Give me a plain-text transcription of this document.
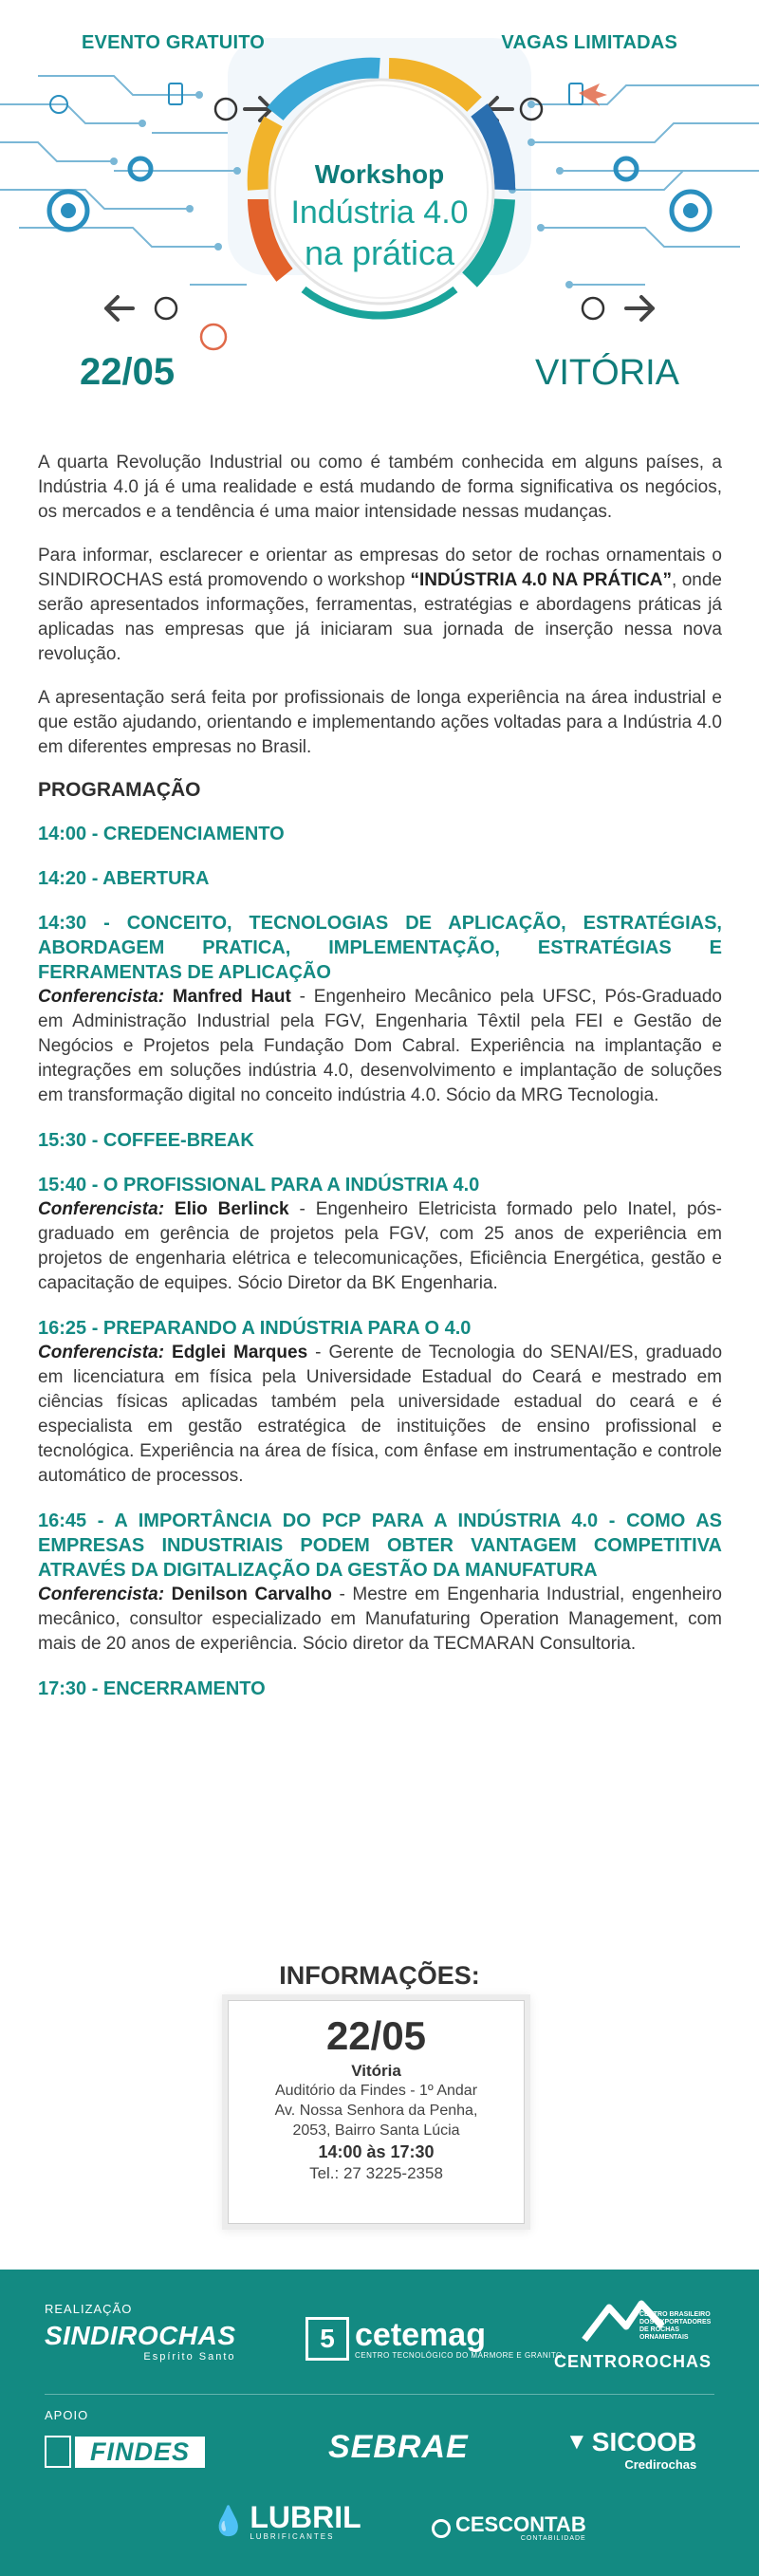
EVENTO GRATUITO	VAGAS LIMITADAS
Workshop
Indústria 4.0
na prática
22/05	VITÓRIA

A quarta Revolução Industrial ou como é também conhecida em alguns países, a Indústria 4.0 já é uma realidade e está mudando de forma significativa os negócios, os mercados e a tendência é uma maior intensidade nessas mudanças.

Para informar, esclarecer e orientar as empresas do setor de rochas ornamentais o SINDIROCHAS está promovendo o workshop “INDÚSTRIA 4.0 NA PRÁTICA”, onde serão apresentados informações, ferramentas, estratégias e abordagens práticas já aplicadas nas empresas que já iniciaram sua jornada de inserção nessa nova revolução.

A apresentação será feita por profissionais de longa experiência na área industrial e que estão ajudando, orientando e implementando ações voltadas para a Indústria 4.0 em diferentes empresas no Brasil.

PROGRAMAÇÃO

14:00 - CREDENCIAMENTO

14:20 - ABERTURA

14:30 - CONCEITO, TECNOLOGIAS DE APLICAÇÃO, ESTRATÉGIAS, ABORDAGEM PRATICA, IMPLEMENTAÇÃO, ESTRATÉGIAS E FERRAMENTAS DE APLICAÇÃO

Conferencista: Manfred Haut - Engenheiro Mecânico pela UFSC, Pós-Graduado em Administração Industrial pela FGV, Engenharia Têxtil pela FEI e Gestão de Negócios e Projetos pela Fundação Dom Cabral. Experiência na implantação e integrações em soluções indústria 4.0, desenvolvimento e implantação de soluções em transformação digital no conceito indústria 4.0. Sócio da MRG Tecnologia.

15:30 - COFFEE-BREAK

15:40 - O PROFISSIONAL PARA A INDÚSTRIA 4.0

Conferencista: Elio Berlinck - Engenheiro Eletricista formado pelo Inatel, pós-graduado em gerência de projetos pela FGV, com 25 anos de experiência em projetos de engenharia elétrica e telecomunicações, Eficiência Energética, gestão e capacitação de equipes. Sócio Diretor da BK Engenharia.

16:25 - PREPARANDO A INDÚSTRIA PARA O 4.0

Conferencista: Edglei Marques - Gerente de Tecnologia do SENAI/ES, graduado em licenciatura em física pela Universidade Estadual do Ceará e mestrado em ciências físicas aplicadas também pela universidade estadual do ceará e é especialista em gestão estratégica de instituições de ensino profissional e tecnológica. Experiência na área de física, com ênfase em instrumentação e controle automático de processos.

16:45 - A IMPORTÂNCIA DO PCP PARA A INDÚSTRIA 4.0 - COMO AS EMPRESAS INDUSTRIAIS PODEM OBTER VANTAGEM COMPETITIVA ATRAVÉS DA DIGITALIZAÇÃO DA GESTÃO DA MANUFATURA

Conferencista: Denilson Carvalho - Mestre em Engenharia Industrial, engenheiro mecânico, consultor especializado em Manufaturing Operation Management, com mais de 20 anos de experiência. Sócio diretor da TECMARAN Consultoria.

17:30 - ENCERRAMENTO

INFORMAÇÕES:
22/05
Vitória
Auditório da Findes - 1º Andar
Av. Nossa Senhora da Penha,
2053, Bairro Santa Lúcia
14:00 às 17:30
Tel.: 27 3225-2358
REALIZAÇÃO
SINDIROCHAS
Espírito Santo
5 cetemag
CENTRO TECNOLÓGICO DO MÁRMORE E GRANITO
CENTRO BRASILEIRO DOS EXPORTADORES DE ROCHAS ORNAMENTAIS
CENTROROCHAS
APOIO
FINDES	SEBRAE	▼ SICOOB
Credirochas
💧 LUBRIL
LUBRIFICANTES
CESCONTAB
CONTABILIDADE
